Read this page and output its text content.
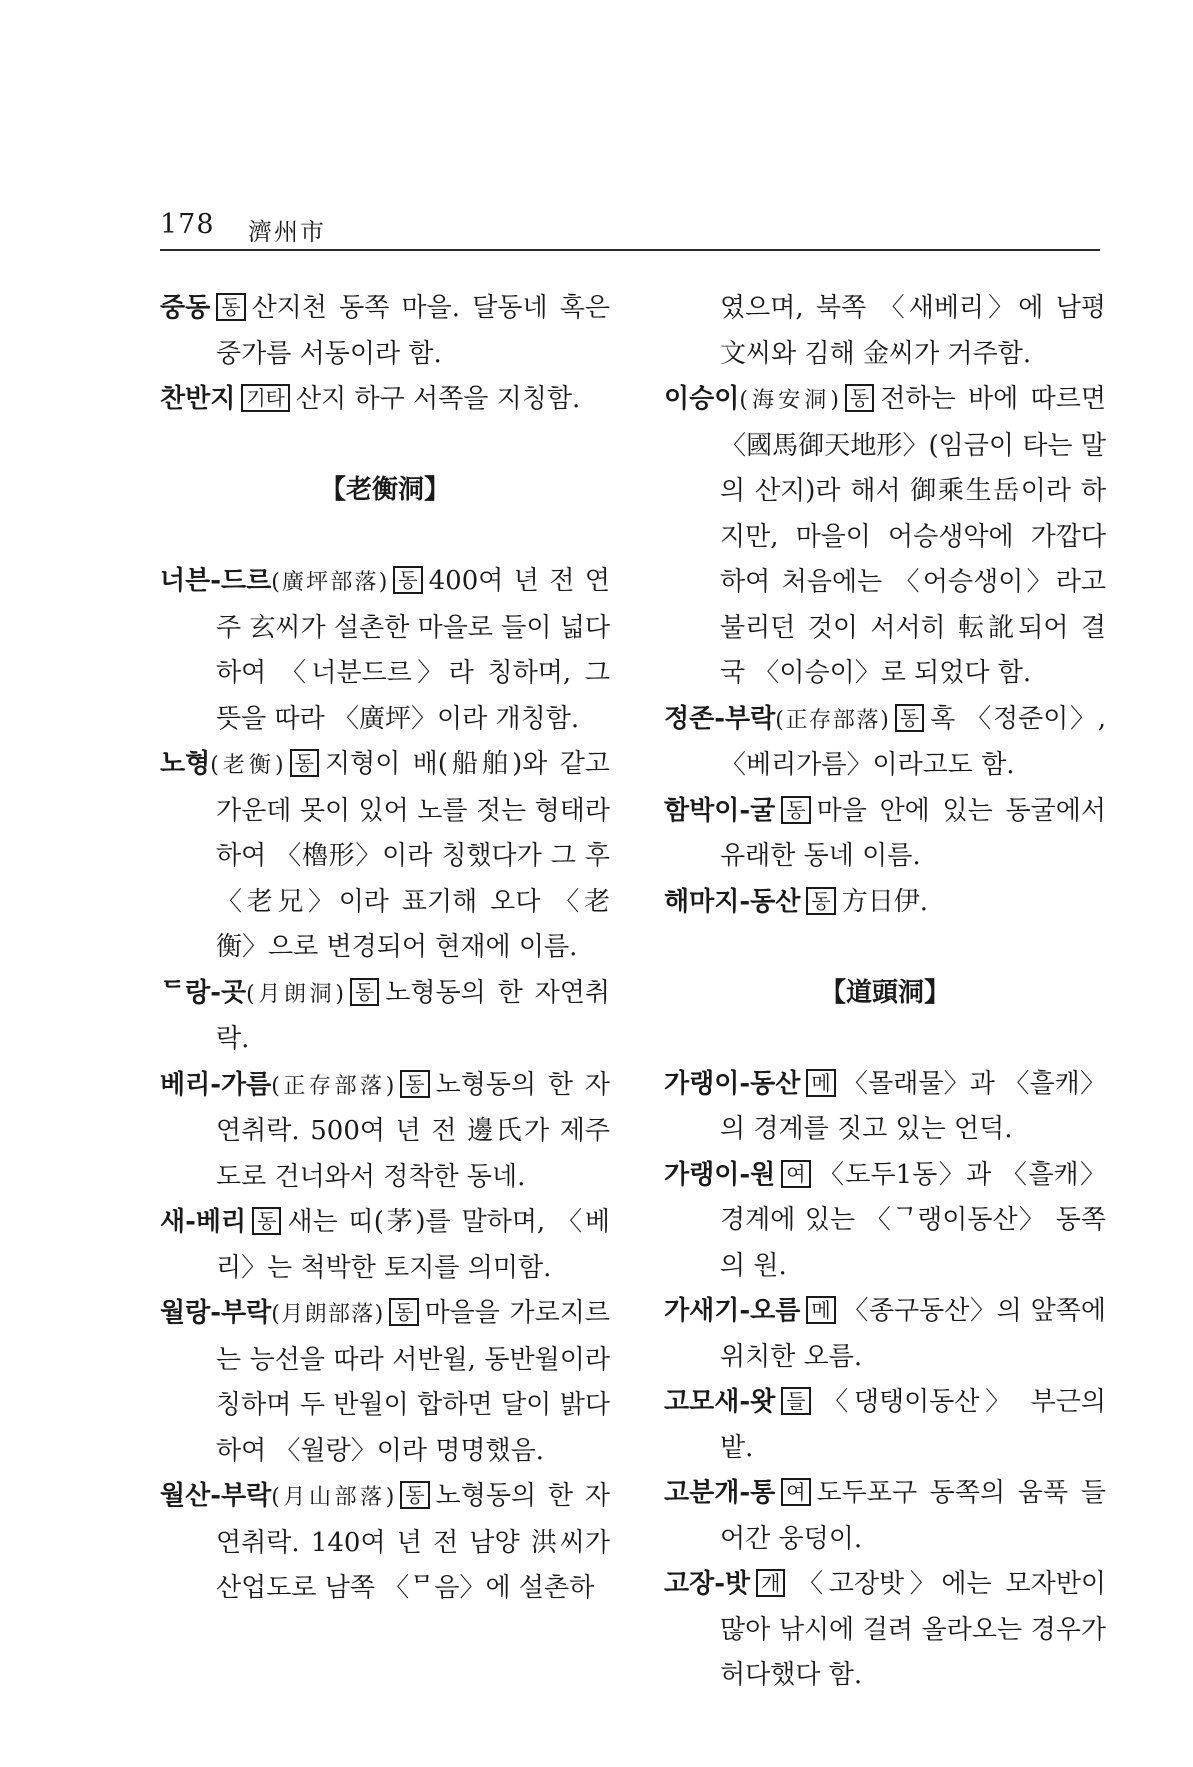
178 濟州市
중동 동 산지천 동쪽 마을. 달동네 혹은 중가름 서동이라 함.
찬반지 기타 산지 하구 서쪽을 지칭함.
【老衡洞】
너븐-드르(廣坪部落) 동 400여 년 전 연주 玄씨가 설촌한 마을로 들이 넓다하여 〈너분드르〉라 칭하며, 그 뜻을 따라 〈廣坪〉이라 개칭함.
노형(老衡) 동 지형이 배(船舶)와 같고 가운데 못이 있어 노를 젓는 형태라 하여 〈櫓形〉이라 칭했다가 그 후 〈老兄〉이라 표기해 오다 〈老衡〉으로 변경되어 현재에 이름.
ᄃ랑-곳(月朗洞) 동 노형동의 한 자연취락.
베리-가름(正存部落) 동 노형동의 한 자연취락. 500여 년 전 邊氏가 제주도로 건너와서 정착한 동네.
새-베리 동 새는 띠(茅)를 말하며, 〈베리〉는 척박한 토지를 의미함.
월랑-부락(月朗部落) 동 마을을 가로지르는 능선을 따라 서반월, 동반월이라 칭하며 두 반월이 합하면 달이 밝다 하여 〈월랑〉이라 명명했음.
월산-부락(月山部落) 동 노형동의 한 자연취락. 140여 년 전 남양 洪씨가 산업도로 남쪽 〈ᄆ음〉에 설촌하
였으며, 북쪽 〈새베리〉에 남평 文씨와 김해 金씨가 거주함.
이승이(海安洞) 동 전하는 바에 따르면 〈國馬御天地形〉(임금이 타는 말의 산지)라 해서 御乘生岳이라 하지만, 마을이 어승생악에 가깝다 하여 처음에는 〈어승생이〉라고 불리던 것이 서서히 転訛되어 결국 〈이승이〉로 되었다 함.
정존-부락(正存部落) 동 혹 〈정준이〉, 〈베리가름〉이라고도 함.
함박이-굴 동 마을 안에 있는 동굴에서 유래한 동네 이름.
해마지-동산 동 方日伊.
【道頭洞】
가랭이-동산 메 〈몰래물〉과 〈흘캐〉의 경계를 짓고 있는 언덕.
가랭이-원 여 〈도두1동〉과 〈흘캐〉 경계에 있는 〈ᄀ랭이동산〉 동쪽의 원.
가새기-오름 메 〈종구동산〉의 앞쪽에 위치한 오름.
고모새-왓 들 〈댕탱이동산〉 부근의 밭.
고분개-통 여 도두포구 동쪽의 움푹 들어간 웅덩이.
고장-밧 개 〈고장밧〉에는 모자반이 많아 낚시에 걸려 올라오는 경우가 허다했다 함.
